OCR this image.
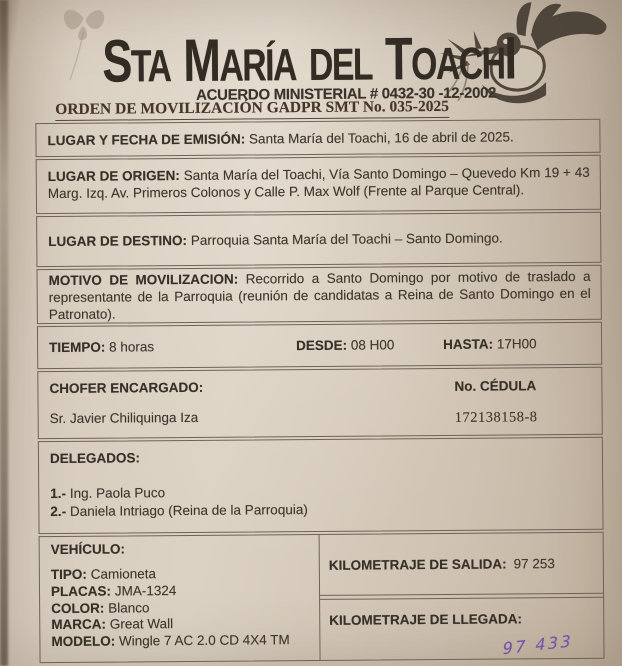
STA MARÍA DEL TOACHI
ACUERDO MINISTERIAL # 0432-30 -12-2002
ORDEN DE MOVILIZACIÓN GADPR SMT No. 035-2025
LUGAR Y FECHA DE EMISIÓN: Santa María del Toachi, 16 de abril de 2025.
LUGAR DE ORIGEN: Santa María del Toachi, Vía Santo Domingo – Quevedo Km 19 + 43 Marg. Izq. Av. Primeros Colonos y Calle P. Max Wolf (Frente al Parque Central).
LUGAR DE DESTINO: Parroquia Santa María del Toachi – Santo Domingo.
MOTIVO DE MOVILIZACION: Recorrido a Santo Domingo por motivo de traslado a representante de la Parroquia (reunión de candidatas a Reina de Santo Domingo en el Patronato).
TIEMPO: 8 horas	DESDE: 08 H00	HASTA: 17H00
CHOFER ENCARGADO:	No. CÉDULA
Sr. Javier Chiliquinga Iza	172138158-8
DELEGADOS:
1.- Ing. Paola Puco
2.- Daniela Intriago (Reina de la Parroquia)
VEHÍCULO:
TIPO: Camioneta
PLACAS: JMA-1324
COLOR: Blanco
MARCA: Great Wall
MODELO: Wingle 7 AC 2.0 CD 4X4 TM
KILOMETRAJE DE SALIDA: 97 253
KILOMETRAJE DE LLEGADA:
97 433
